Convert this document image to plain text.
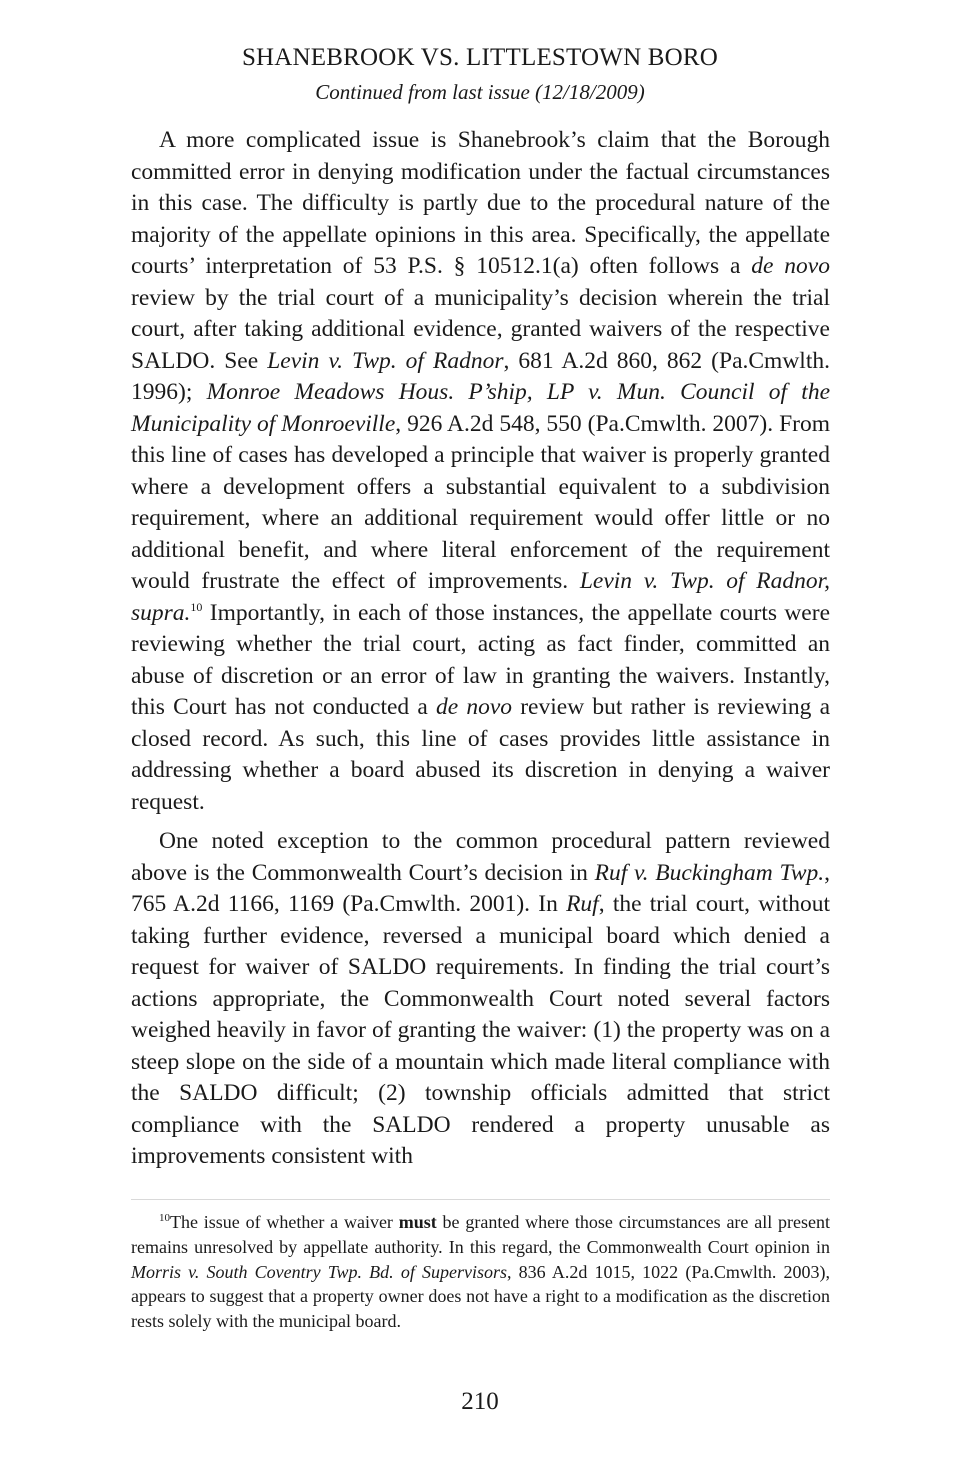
SHANEBROOK VS. LITTLESTOWN BORO
Continued from last issue (12/18/2009)

A more complicated issue is Shanebrook’s claim that the Borough committed error in denying modification under the factual circumstances in this case. The difficulty is partly due to the procedural nature of the majority of the appellate opinions in this area. Specifically, the appellate courts’ interpretation of 53 P.S. § 10512.1(a) often follows a de novo review by the trial court of a municipality’s decision wherein the trial court, after taking additional evidence, granted waivers of the respective SALDO. See Levin v. Twp. of Radnor, 681 A.2d 860, 862 (Pa.Cmwlth. 1996); Monroe Meadows Hous. P’ship, LP v. Mun. Council of the Municipality of Monroeville, 926 A.2d 548, 550 (Pa.Cmwlth. 2007). From this line of cases has developed a principle that waiver is properly granted where a development offers a substantial equivalent to a subdivision requirement, where an additional requirement would offer little or no additional benefit, and where literal enforcement of the requirement would frustrate the effect of improvements. Levin v. Twp. of Radnor, supra.$^{10}$ Importantly, in each of those instances, the appellate courts were reviewing whether the trial court, acting as fact finder, committed an abuse of discretion or an error of law in granting the waivers. Instantly, this Court has not conducted a de novo review but rather is reviewing a closed record. As such, this line of cases provides little assistance in addressing whether a board abused its discretion in denying a waiver request.

One noted exception to the common procedural pattern reviewed above is the Commonwealth Court’s decision in Ruf v. Buckingham Twp., 765 A.2d 1166, 1169 (Pa.Cmwlth. 2001). In Ruf, the trial court, without taking further evidence, reversed a municipal board which denied a request for waiver of SALDO requirements. In finding the trial court’s actions appropriate, the Commonwealth Court noted several factors weighed heavily in favor of granting the waiver: (1) the property was on a steep slope on the side of a mountain which made literal compliance with the SALDO difficult; (2) township officials admitted that strict compliance with the SALDO rendered a property unusable as improvements consistent with

$^{10}$The issue of whether a waiver must be granted where those circumstances are all present remains unresolved by appellate authority. In this regard, the Commonwealth Court opinion in Morris v. South Coventry Twp. Bd. of Supervisors, 836 A.2d 1015, 1022 (Pa.Cmwlth. 2003), appears to suggest that a property owner does not have a right to a modification as the discretion rests solely with the municipal board.
210
